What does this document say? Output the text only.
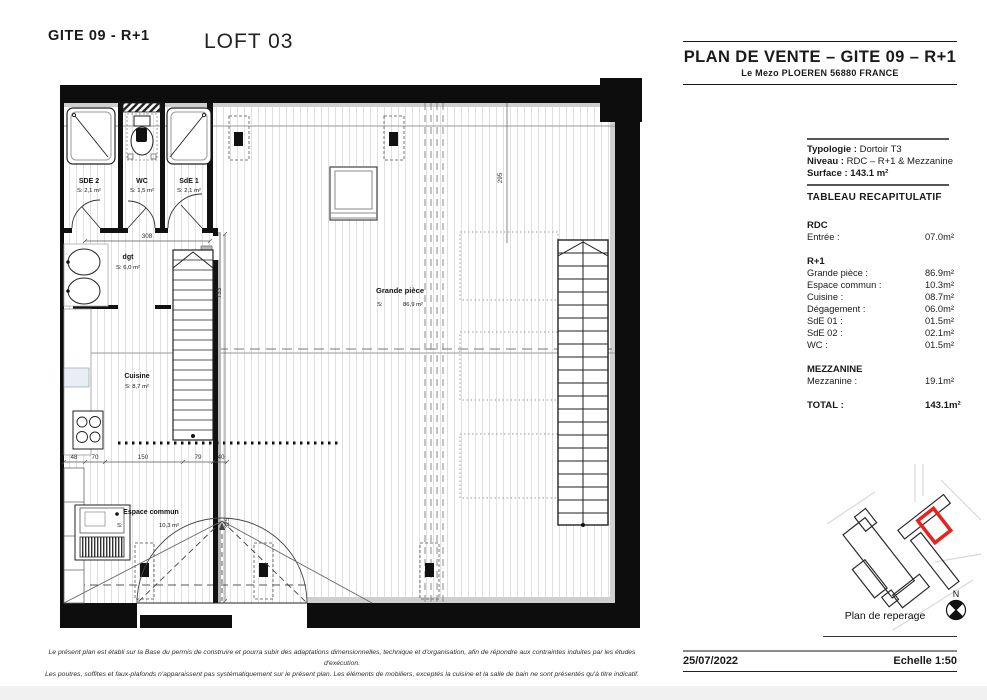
GITE 09 - R+1	LOFT 03
308
733
295
325
48 70	150	79	40
SDE 2
S: 2,1 m²
WC
S: 1,5 m²
SdE 1
S: 2,1 m²
dgt
S: 6,0 m²
Cuisine
S: 8,7 m²
Grande pièce
S:	86,9 m²
Espace commun
S:	10,3 m²
PLAN DE VENTE – GITE 09 – R+1
Le Mezo PLOEREN 56880 FRANCE
Typologie : Dortoir T3
Niveau : RDC – R+1 & Mezzanine
Surface : 143.1 m²
TABLEAU RECAPITULATIF
RDC
Entrée :	07.0m²
R+1
Grande pièce :	86.9m²
Espace commun :	10.3m²
Cuisine :	08.7m²
Dégagement :	06.0m²
SdE 01 :	01.5m²
SdE 02 :	02.1m²
WC :	01.5m²
MEZZANINE
Mezzanine :	19.1m²
TOTAL :	143.1m²
N
Plan de reperage
25/07/2022	Echelle 1:50
Le présent plan est établi sur la Base du permis de construire et pourra subir des adaptations dimensionnelles, technique et d'organisation, afin de répondre aux contraintes induites par les études d'exécution.
Les poutres, soffites et faux-plafonds n'apparaissent pas systématiquement sur le présent plan. Les éléments de mobiliers, exceptés la cuisine et la salle de bain ne sont présentés qu'à titre indicatif.
